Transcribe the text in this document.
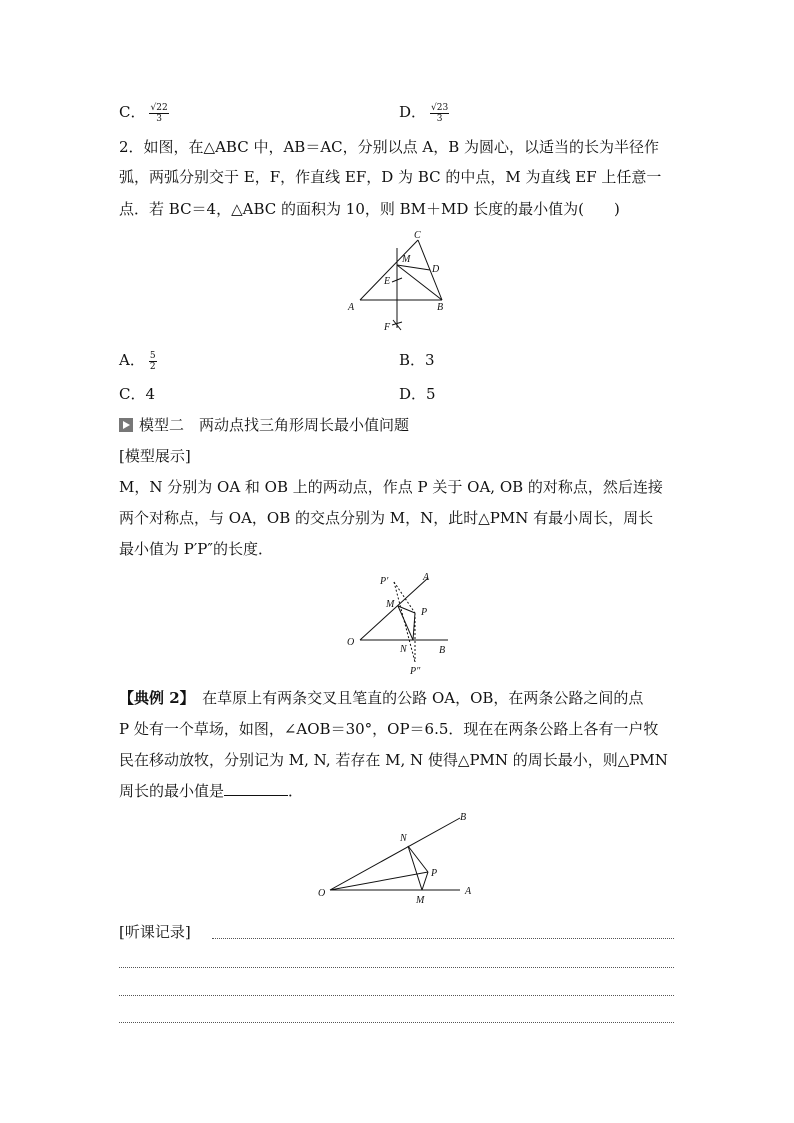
C． $\frac{√22}{3}$	D． $\frac{√23}{3}$
2．如图，在△ABC 中，AB＝AC，分别以点 A，B 为圆心，以适当的长为半径作
弧，两弧分别交于 E，F，作直线 EF，D 为 BC 的中点，M 为直线 EF 上任意一
点．若 BC＝4，△ABC 的面积为 10，则 BM＋MD 长度的最小值为(　　)
C
M
D
E
A	B
F
A． $\frac{5}{2}$	B．3
C．4	D．5
模型二　两动点找三角形周长最小值问题
[模型展示]
M，N 分别为 OA 和 OB 上的两动点，作点 P 关于 OA, OB 的对称点，然后连接
两个对称点，与 OA，OB 的交点分别为 M，N，此时△PMN 有最小周长，周长
最小值为 P′P″的长度．
P′	A
M
P
O
N	B
P″
【典例 2】　在草原上有两条交叉且笔直的公路 OA，OB，在两条公路之间的点
P 处有一个草场，如图，∠AOB＝30°，OP＝6.5．现在在两条公路上各有一户牧
民在移动放牧，分别记为 M, N, 若存在 M, N 使得△PMN 的周长最小，则△PMN
周长的最小值是	．
B
N
P
O
M
A
[听课记录]
